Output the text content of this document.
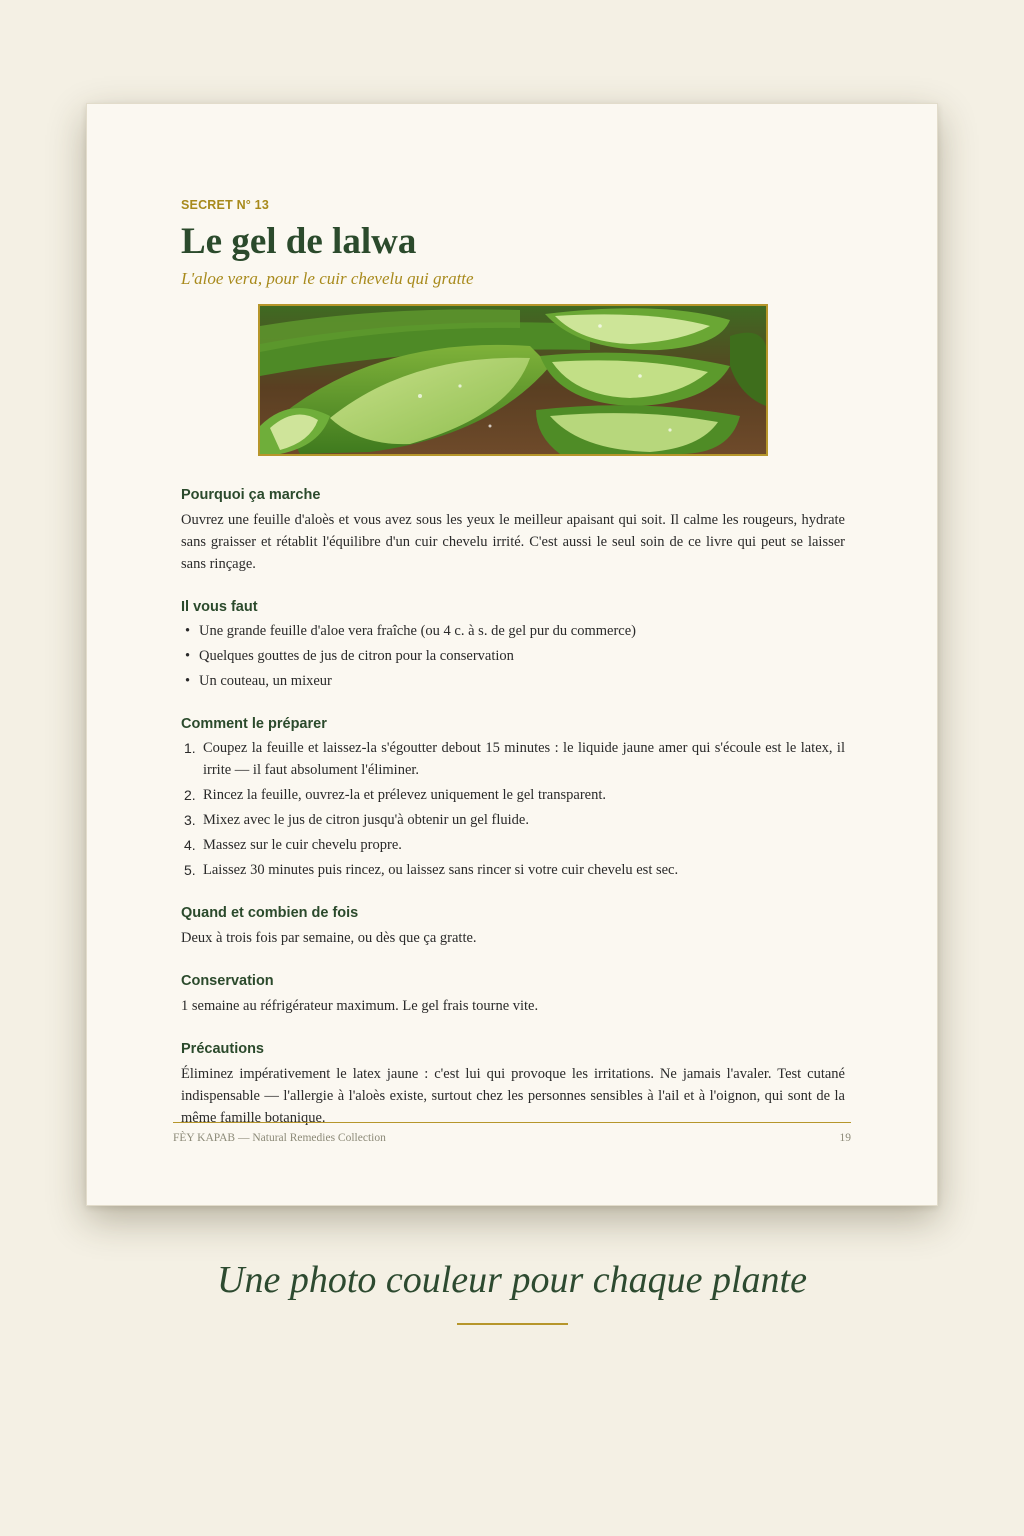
SECRET N° 13

Le gel de lalwa

L'aloe vera, pour le cuir chevelu qui gratte

Pourquoi ça marche

Ouvrez une feuille d'aloès et vous avez sous les yeux le meilleur apaisant qui soit. Il calme les rougeurs, hydrate sans graisser et rétablit l'équilibre d'un cuir chevelu irrité. C'est aussi le seul soin de ce livre qui peut se laisser sans rinçage.

Il vous faut
• Une grande feuille d'aloe vera fraîche (ou 4 c. à s. de gel pur du commerce)
• Quelques gouttes de jus de citron pour la conservation
• Un couteau, un mixeur
Comment le préparer
1. Coupez la feuille et laissez-la s'égoutter debout 15 minutes : le liquide jaune amer qui s'écoule est le latex, il irrite — il faut absolument l'éliminer.
2. Rincez la feuille, ouvrez-la et prélevez uniquement le gel transparent.
3. Mixez avec le jus de citron jusqu'à obtenir un gel fluide.
4. Massez sur le cuir chevelu propre.
5. Laissez 30 minutes puis rincez, ou laissez sans rincer si votre cuir chevelu est sec.
Quand et combien de fois

Deux à trois fois par semaine, ou dès que ça gratte.

Conservation

1 semaine au réfrigérateur maximum. Le gel frais tourne vite.

Précautions

Éliminez impérativement le latex jaune : c'est lui qui provoque les irritations. Ne jamais l'avaler. Test cutané indispensable — l'allergie à l'aloès existe, surtout chez les personnes sensibles à l'ail et à l'oignon, qui sont de la même famille botanique.

FÈY KAPAB — Natural Remedies Collection	19

Une photo couleur pour chaque plante
